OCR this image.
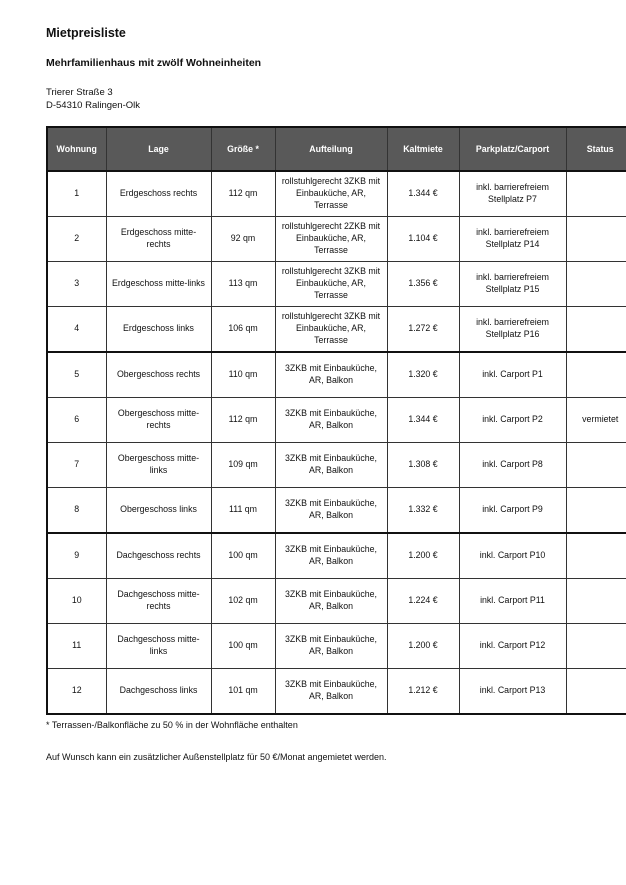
Mietpreisliste
Mehrfamilienhaus mit zwölf Wohneinheiten
Trierer Straße 3
D-54310 Ralingen-Olk
Wohnung	Lage	Größe *	Aufteilung	Kaltmiete	Parkplatz/Carport	Status
1	Erdgeschoss rechts	112 qm	rollstuhlgerecht 3ZKB mit Einbauküche, AR, Terrasse	1.344 €	inkl. barrierefreiem Stellplatz P7	
2	Erdgeschoss mitte-rechts	92 qm	rollstuhlgerecht 2ZKB mit Einbauküche, AR, Terrasse	1.104 €	inkl. barrierefreiem Stellplatz P14	
3	Erdgeschoss mitte-links	113 qm	rollstuhlgerecht 3ZKB mit Einbauküche, AR, Terrasse	1.356 €	inkl. barrierefreiem Stellplatz P15	
4	Erdgeschoss links	106 qm	rollstuhlgerecht 3ZKB mit Einbauküche, AR, Terrasse	1.272 €	inkl. barrierefreiem Stellplatz P16	
5	Obergeschoss rechts	110 qm	3ZKB mit Einbauküche, AR, Balkon	1.320 €	inkl. Carport P1	
6	Obergeschoss mitte-rechts	112 qm	3ZKB mit Einbauküche, AR, Balkon	1.344 €	inkl. Carport P2	vermietet
7	Obergeschoss mitte-links	109 qm	3ZKB mit Einbauküche, AR, Balkon	1.308 €	inkl. Carport P8	
8	Obergeschoss links	111 qm	3ZKB mit Einbauküche, AR, Balkon	1.332 €	inkl. Carport P9	
9	Dachgeschoss rechts	100 qm	3ZKB mit Einbauküche, AR, Balkon	1.200 €	inkl. Carport P10	
10	Dachgeschoss mitte-rechts	102 qm	3ZKB mit Einbauküche, AR, Balkon	1.224 €	inkl. Carport P11	
11	Dachgeschoss mitte-links	100 qm	3ZKB mit Einbauküche, AR, Balkon	1.200 €	inkl. Carport P12	
12	Dachgeschoss links	101 qm	3ZKB mit Einbauküche, AR, Balkon	1.212 €	inkl. Carport P13	
* Terrassen-/Balkonfläche zu 50 % in der Wohnfläche enthalten
Auf Wunsch kann ein zusätzlicher Außenstellplatz für 50 €/Monat angemietet werden.
